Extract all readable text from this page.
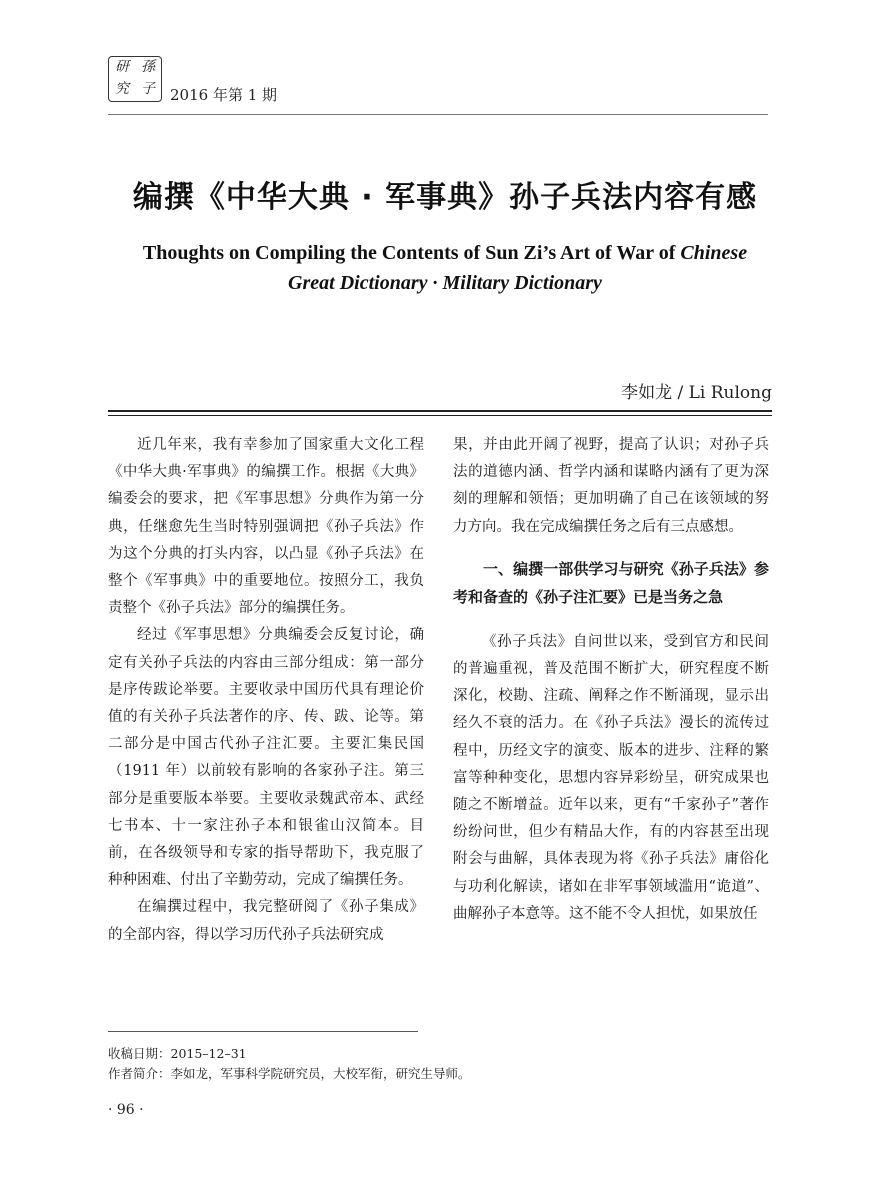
研 孫
究 子	2016 年第 1 期
编撰《中华大典 · 军事典》孙子兵法内容有感
Thoughts on Compiling the Contents of Sun Zi’s Art of War of Chinese
Great Dictionary · Military Dictionary
李如龙 / Li Rulong

近几年来，我有幸参加了国家重大文化工程《中华大典·军事典》的编撰工作。根据《大典》编委会的要求，把《军事思想》分典作为第一分典，任继愈先生当时特别强调把《孙子兵法》作为这个分典的打头内容，以凸显《孙子兵法》在整个《军事典》中的重要地位。按照分工，我负责整个《孙子兵法》部分的编撰任务。

经过《军事思想》分典编委会反复讨论，确定有关孙子兵法的内容由三部分组成：第一部分是序传跋论举要。主要收录中国历代具有理论价值的有关孙子兵法著作的序、传、跋、论等。第二部分是中国古代孙子注汇要。主要汇集民国（1911 年）以前较有影响的各家孙子注。第三部分是重要版本举要。主要收录魏武帝本、武经七书本、十一家注孙子本和银雀山汉简本。目前，在各级领导和专家的指导帮助下，我克服了种种困难、付出了辛勤劳动，完成了编撰任务。

在编撰过程中，我完整研阅了《孙子集成》的全部内容，得以学习历代孙子兵法研究成

果，并由此开阔了视野，提高了认识；对孙子兵法的道德内涵、哲学内涵和谋略内涵有了更为深刻的理解和领悟；更加明确了自己在该领域的努力方向。我在完成编撰任务之后有三点感想。

一、编撰一部供学习与研究《孙子兵法》参考和备查的《孙子注汇要》已是当务之急

《孙子兵法》自问世以来，受到官方和民间的普遍重视，普及范围不断扩大，研究程度不断深化，校勘、注疏、阐释之作不断涌现，显示出经久不衰的活力。在《孙子兵法》漫长的流传过程中，历经文字的演变、版本的进步、注释的繁富等种种变化，思想内容异彩纷呈，研究成果也随之不断增益。近年以来，更有“千家孙子”著作纷纷问世，但少有精品大作，有的内容甚至出现附会与曲解，具体表现为将《孙子兵法》庸俗化与功利化解读，诸如在非军事领域滥用“诡道”、曲解孙子本意等。这不能不令人担忧，如果放任

收稿日期：2015–12–31
作者简介：李如龙，军事科学院研究员，大校军衔，研究生导师。
· 96 ·
